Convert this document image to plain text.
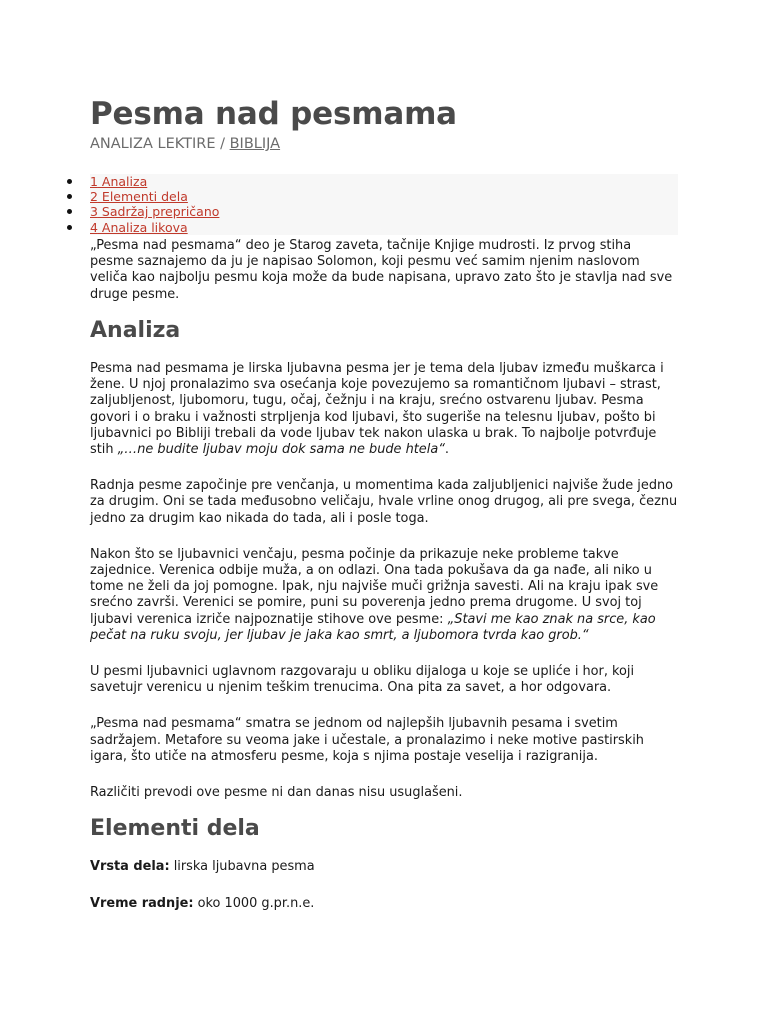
Pesma nad pesmama
ANALIZA LEKTIRE / BIBLIJA
1 Analiza
2 Elementi dela
3 Sadržaj prepričano
4 Analiza likova

„Pesma nad pesmama“ deo je Starog zaveta, tačnije Knjige mudrosti. Iz prvog stiha pesme saznajemo da ju je napisao Solomon, koji pesmu već samim njenim naslovom veliča kao najbolju pesmu koja može da bude napisana, upravo zato što je stavlja nad sve druge pesme.

Analiza

Pesma nad pesmama je lirska ljubavna pesma jer je tema dela ljubav između muškarca i žene. U njoj pronalazimo sva osećanja koje povezujemo sa romantičnom ljubavi – strast, zaljubljenost, ljubomoru, tugu, očaj, čežnju i na kraju, srećno ostvarenu ljubav. Pesma govori i o braku i važnosti strpljenja kod ljubavi, što sugeriše na telesnu ljubav, pošto bi ljubavnici po Bibliji trebali da vode ljubav tek nakon ulaska u brak. To najbolje potvrđuje stih „…ne budite ljubav moju dok sama ne bude htela“.

Radnja pesme započinje pre venčanja, u momentima kada zaljubljenici najviše žude jedno za drugim. Oni se tada međusobno veličaju, hvale vrline onog drugog, ali pre svega, čeznu jedno za drugim kao nikada do tada, ali i posle toga.

Nakon što se ljubavnici venčaju, pesma počinje da prikazuje neke probleme takve zajednice. Verenica odbije muža, a on odlazi. Ona tada pokušava da ga nađe, ali niko u tome ne želi da joj pomogne. Ipak, nju najviše muči grižnja savesti. Ali na kraju ipak sve srećno završi. Verenici se pomire, puni su poverenja jedno prema drugome. U svoj toj ljubavi verenica izriče najpoznatije stihove ove pesme: „Stavi me kao znak na srce, kao pečat na ruku svoju, jer ljubav je jaka kao smrt, a ljubomora tvrda kao grob.“

U pesmi ljubavnici uglavnom razgovaraju u obliku dijaloga u koje se upliće i hor, koji savetujr verenicu u njenim teškim trenucima. Ona pita za savet, a hor odgovara.

„Pesma nad pesmama“ smatra se jednom od najlepših ljubavnih pesama i svetim sadržajem. Metafore su veoma jake i učestale, a pronalazimo i neke motive pastirskih igara, što utiče na atmosferu pesme, koja s njima postaje veselija i razigranija.

Različiti prevodi ove pesme ni dan danas nisu usuglašeni.

Elementi dela

Vrsta dela: lirska ljubavna pesma

Vreme radnje: oko 1000 g.pr.n.e.
